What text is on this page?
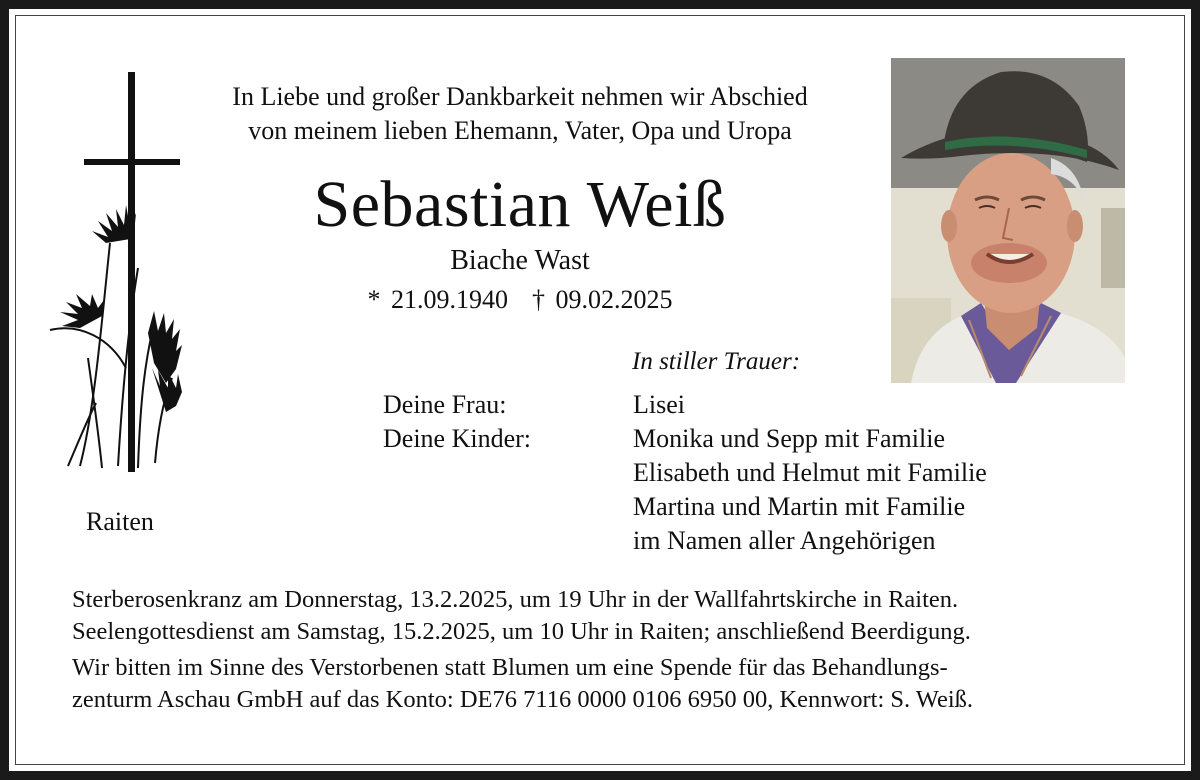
In Liebe und großer Dankbarkeit nehmen wir Abschied
von meinem lieben Ehemann, Vater, Opa und Uropa
Sebastian Weiß
Biache Wast
* 21.09.1940 † 09.02.2025
In stiller Trauer:
Deine Frau:	Lisei
Deine Kinder:	Monika und Sepp mit Familie
Elisabeth und Helmut mit Familie
Martina und Martin mit Familie
im Namen aller Angehörigen
Raiten
Sterberosenkranz am Donnerstag, 13.2.2025, um 19 Uhr in der Wallfahrtskirche in Raiten.
Seelengottesdienst am Samstag, 15.2.2025, um 10 Uhr in Raiten; anschließend Beerdigung.
Wir bitten im Sinne des Verstorbenen statt Blumen um eine Spende für das Behandlungs-
zenturm Aschau GmbH auf das Konto: DE76 7116 0000 0106 6950 00, Kennwort: S. Weiß.
